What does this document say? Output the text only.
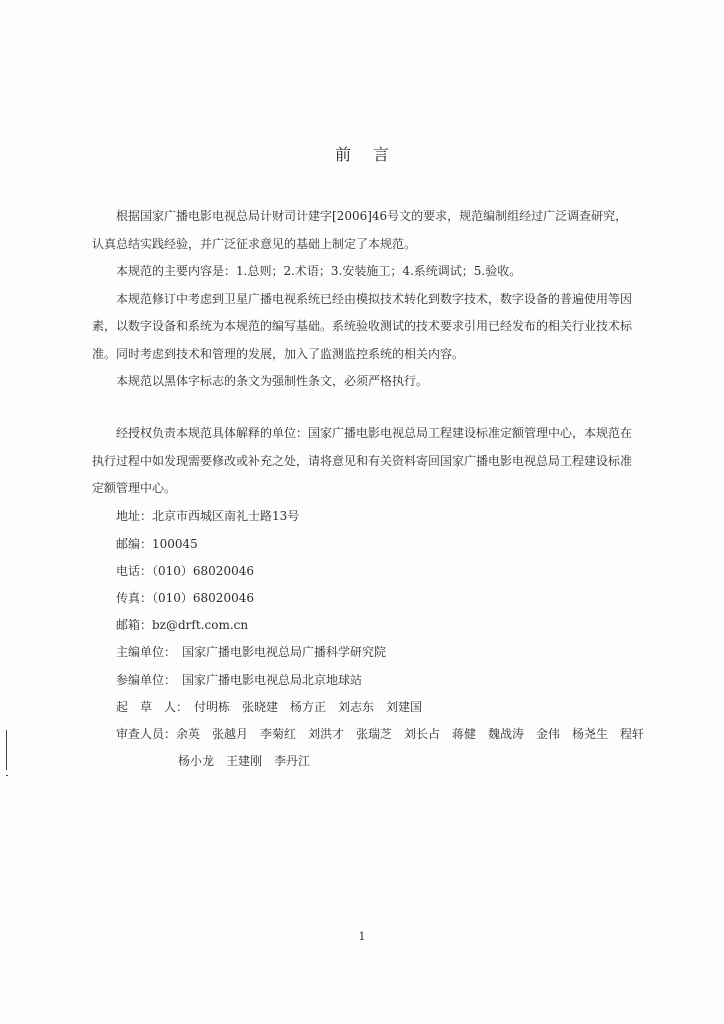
前言

根据国家广播电影电视总局计财司计建字[2006]46号文的要求，规范编制组经过广泛调查研究，认真总结实践经验，并广泛征求意见的基础上制定了本规范。

本规范的主要内容是：1.总则；2.术语；3.安装施工；4.系统调试；5.验收。

本规范修订中考虑到卫星广播电视系统已经由模拟技术转化到数字技术，数字设备的普遍使用等因素，以数字设备和系统为本规范的编写基础。系统验收测试的技术要求引用已经发布的相关行业技术标准。同时考虑到技术和管理的发展，加入了监测监控系统的相关内容。

本规范以黑体字标志的条文为强制性条文，必须严格执行。

经授权负责本规范具体解释的单位：国家广播电影电视总局工程建设标准定额管理中心，本规范在执行过程中如发现需要修改或补充之处，请将意见和有关资料寄回国家广播电影电视总局工程建设标准定额管理中心。

地址：北京市西城区南礼士路13号
邮编：100045
电话：（010）68020046
传真：（010）68020046
邮箱：bz@drft.com.cn
主编单位：　国家广播电影电视总局广播科学研究院
参编单位：　国家广播电影电视总局北京地球站
起　草　人：　付明栋　张晓建　杨方正　刘志东　刘建国
审查人员：余英　张越月　李菊红　刘洪才　张瑞芝　刘长占　蒋健　魏战涛　金伟　杨尧生　程轩
杨小龙　王建刚　李丹江
1
